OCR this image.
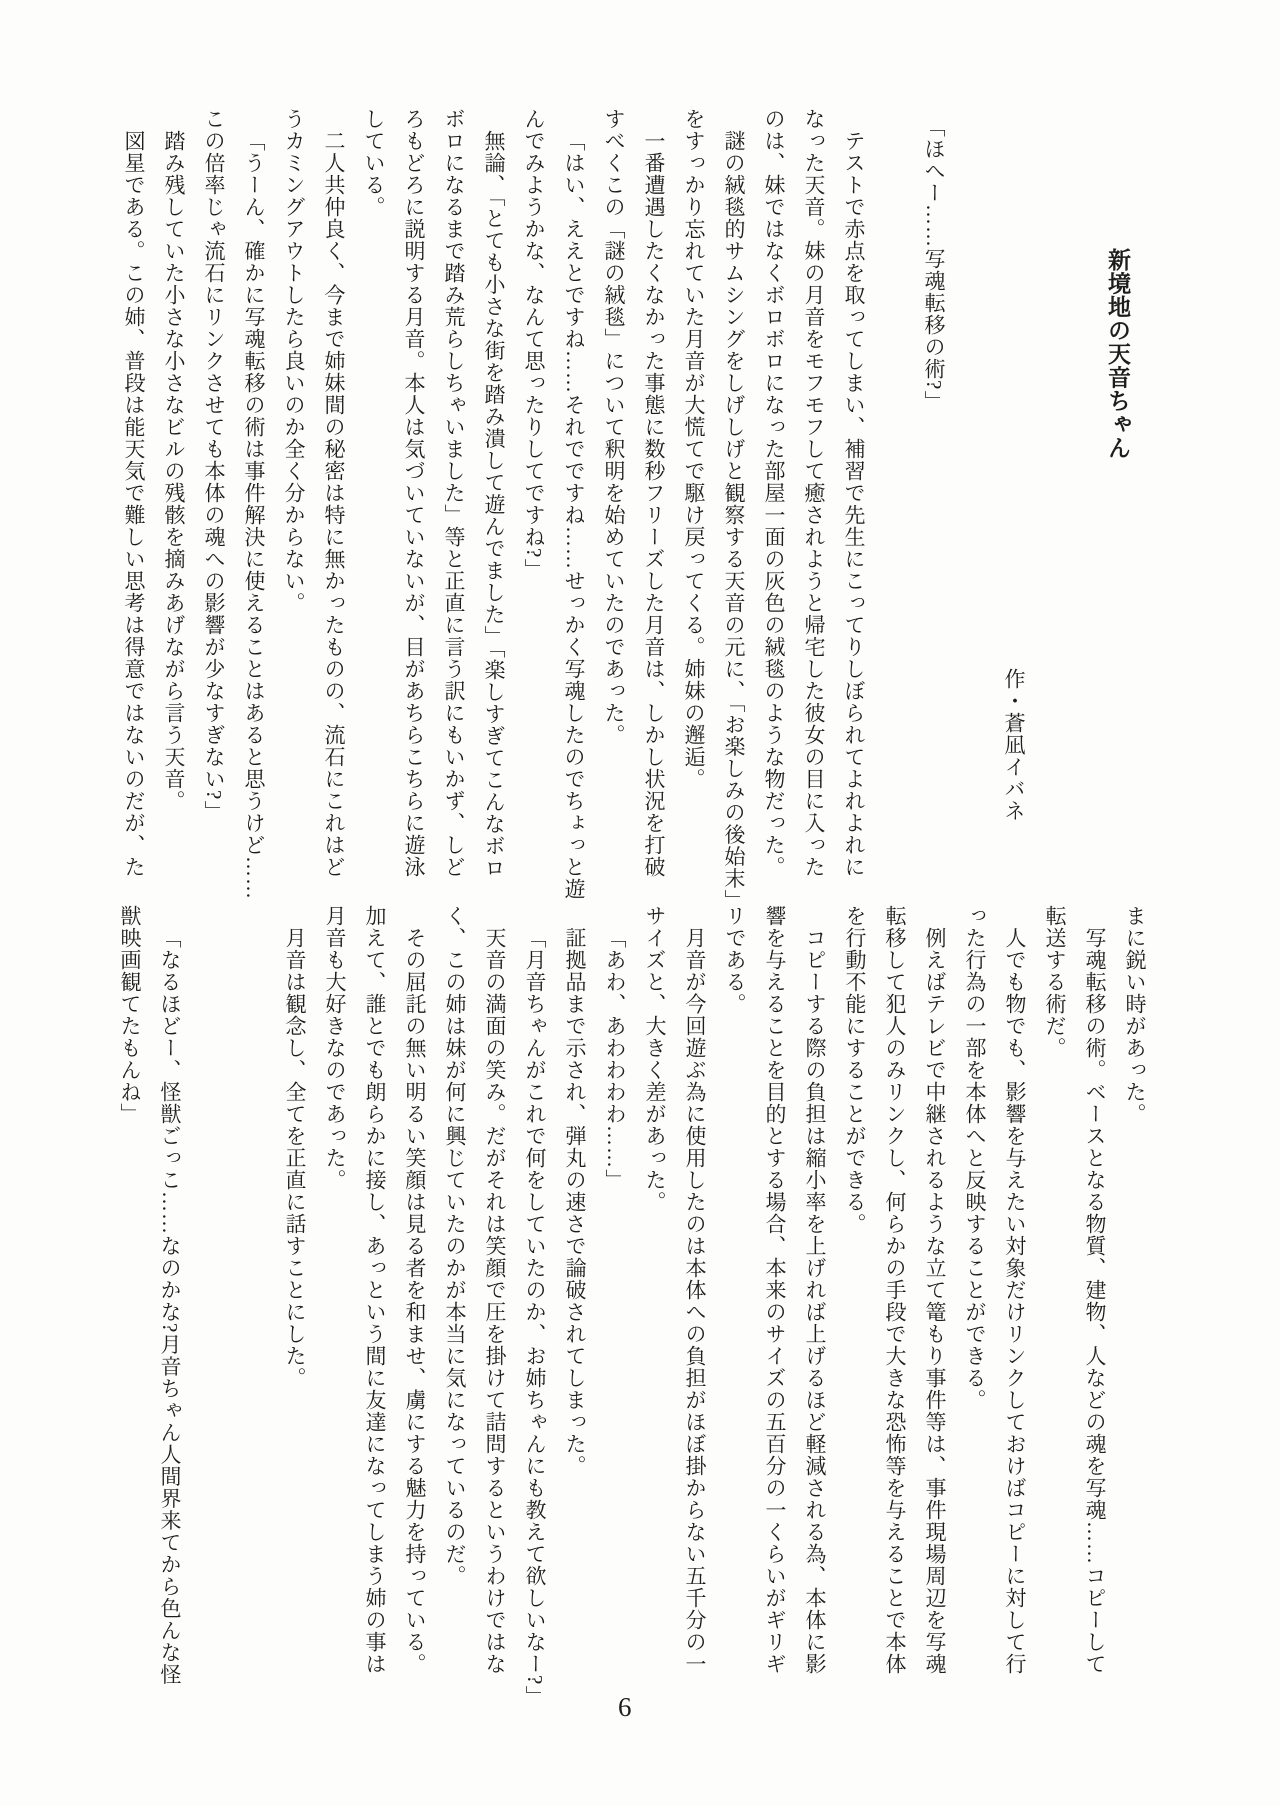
新境地の天音ちゃん

作・蒼凪イバネ

「ほへー……写魂転移の術?」

テストで赤点を取ってしまい、補習で先生にこってりしぼられてよれよれに

なった天音。妹の月音をモフモフして癒されようと帰宅した彼女の目に入った

のは、妹ではなくボロボロになった部屋一面の灰色の絨毯のような物だった。

謎の絨毯的サムシングをしげしげと観察する天音の元に、「お楽しみの後始末」

をすっかり忘れていた月音が大慌てで駆け戻ってくる。姉妹の邂逅。

一番遭遇したくなかった事態に数秒フリーズした月音は、しかし状況を打破

すべくこの「謎の絨毯」について釈明を始めていたのであった。

「はい、ええとですね……それでですね……せっかく写魂したのでちょっと遊

んでみようかな、なんて思ったりしてですね?」

無論、「とても小さな街を踏み潰して遊んでました」「楽しすぎてこんなボロ

ボロになるまで踏み荒らしちゃいました」等と正直に言う訳にもいかず、しど

ろもどろに説明する月音。本人は気づいていないが、目があちらこちらに遊泳

している。

二人共仲良く、今まで姉妹間の秘密は特に無かったものの、流石にこれはど

うカミングアウトしたら良いのか全く分からない。

「うーん、確かに写魂転移の術は事件解決に使えることはあると思うけど……

この倍率じゃ流石にリンクさせても本体の魂への影響が少なすぎない?」

踏み残していた小さな小さなビルの残骸を摘みあげながら言う天音。

図星である。この姉、普段は能天気で難しい思考は得意ではないのだが、た

まに鋭い時があった。

写魂転移の術。ベースとなる物質、建物、人などの魂を写魂……コピーして

転送する術だ。

人でも物でも、影響を与えたい対象だけリンクしておけばコピーに対して行

った行為の一部を本体へと反映することができる。

例えばテレビで中継されるような立て篭もり事件等は、事件現場周辺を写魂

転移して犯人のみリンクし、何らかの手段で大きな恐怖等を与えることで本体

を行動不能にすることができる。

コピーする際の負担は縮小率を上げれば上げるほど軽減される為、本体に影

響を与えることを目的とする場合、本来のサイズの五百分の一くらいがギリギ

リである。

月音が今回遊ぶ為に使用したのは本体への負担がほぼ掛からない五千分の一

サイズと、大きく差があった。

「あわ、あわわわわ……」

証拠品まで示され、弾丸の速さで論破されてしまった。

「月音ちゃんがこれで何をしていたのか、お姉ちゃんにも教えて欲しいなー?」

天音の満面の笑み。だがそれは笑顔で圧を掛けて詰問するというわけではな

く、この姉は妹が何に興じていたのかが本当に気になっているのだ。

その屈託の無い明るい笑顔は見る者を和ませ、虜にする魅力を持っている。

加えて、誰とでも朗らかに接し、あっという間に友達になってしまう姉の事は

月音も大好きなのであった。

月音は観念し、全てを正直に話すことにした。

「なるほどー、怪獣ごっこ……なのかな?月音ちゃん人間界来てから色んな怪

獣映画観てたもんね」

6
